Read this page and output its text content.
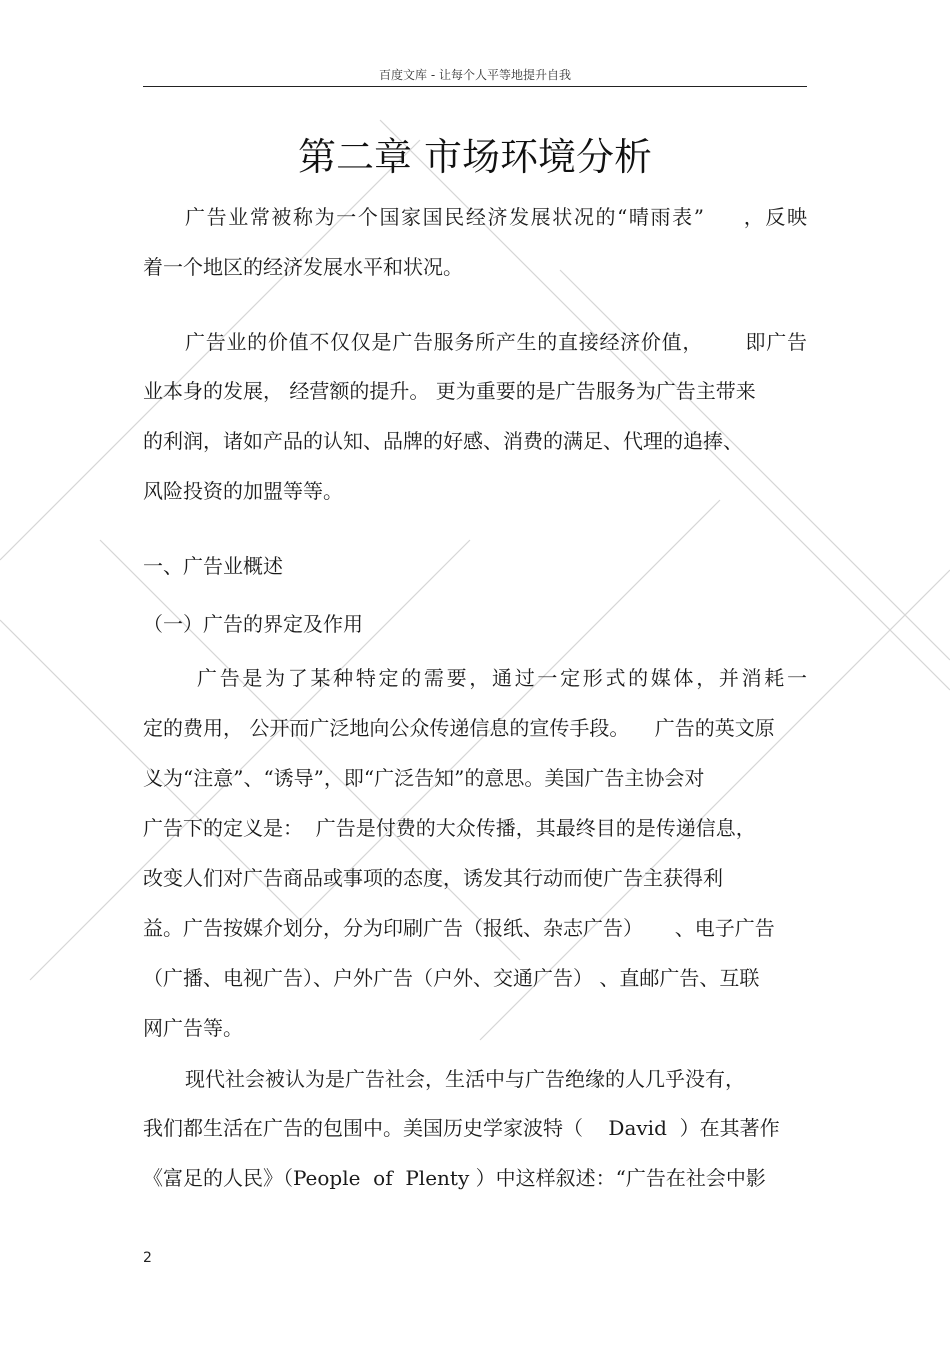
百度文库 - 让每个人平等地提升自我
第二章 市场环境分析
广告业常被称为一个国家国民经济发展状况的“晴雨表”     ，反映
着一个地区的经济发展水平和状况。
广告业的价值不仅仅是广告服务所产生的直接经济价值，      即广告
业本身的发展， 经营额的提升。 更为重要的是广告服务为广告主带来
的利润，诸如产品的认知、品牌的好感、消费的满足、代理的追捧、
风险投资的加盟等等。
一、广告业概述
（一）广告的界定及作用
广告是为了某种特定的需要，通过一定形式的媒体，并消耗一
定的费用， 公开而广泛地向公众传递信息的宣传手段。    广告的英文原
义为“注意”、“诱导”，即“广泛告知”的意思。美国广告主协会对
广告下的定义是：  广告是付费的大众传播，其最终目的是传递信息，
改变人们对广告商品或事项的态度，诱发其行动而使广告主获得利
益。广告按媒介划分，分为印刷广告（报纸、杂志广告）     、电子广告
（广播、电视广告）、户外广告（户外、交通广告） 、直邮广告、互联
网广告等。
现代社会被认为是广告社会，生活中与广告绝缘的人几乎没有，
我们都生活在广告的包围中。美国历史学家波特（    David  ）在其著作
《富足的人民》（People  of  Plenty ）中这样叙述：“广告在社会中影
2
